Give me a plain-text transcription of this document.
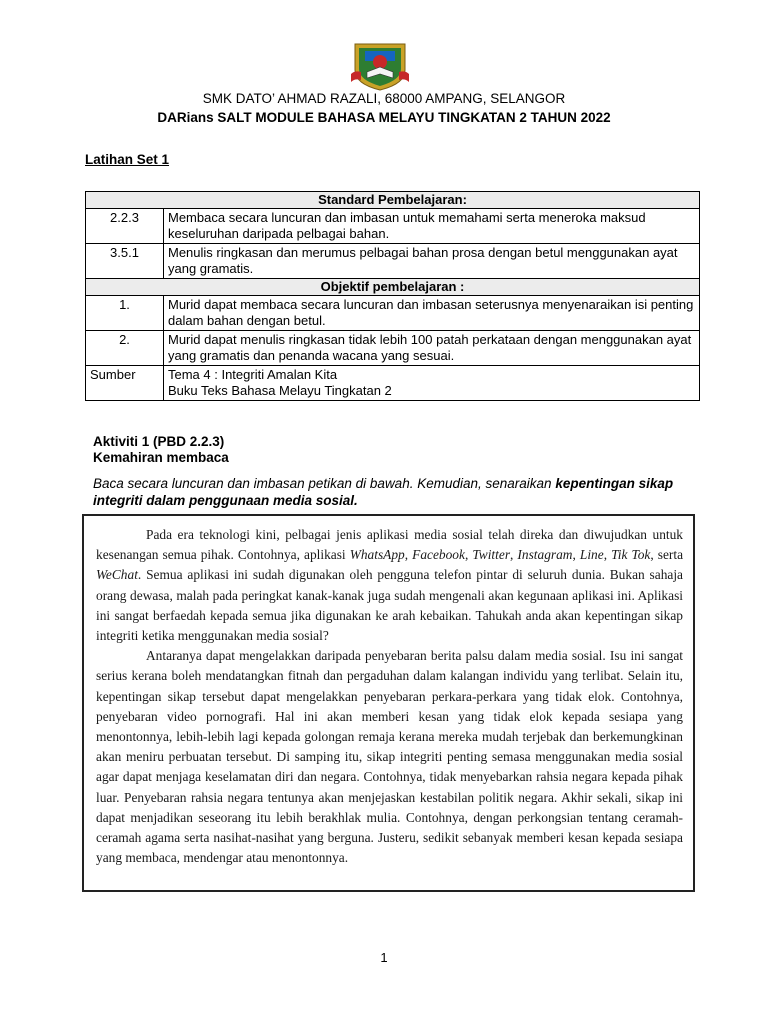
SMK DATO’ AHMAD RAZALI, 68000 AMPANG, SELANGOR
DARians SALT MODULE BAHASA MELAYU TINGKATAN 2 TAHUN 2022
Latihan Set 1
Standard Pembelajaran:	
2.2.3	Membaca secara luncuran dan imbasan untuk memahami serta meneroka maksud keseluruhan daripada pelbagai bahan.
3.5.1	Menulis ringkasan dan merumus pelbagai bahan prosa dengan betul menggunakan ayat yang gramatis.
Objektif pembelajaran :	
1.	Murid dapat membaca secara luncuran dan imbasan seterusnya menyenaraikan isi penting dalam bahan dengan betul.
2.	Murid dapat menulis ringkasan tidak lebih 100 patah perkataan dengan menggunakan ayat yang gramatis dan penanda wacana yang sesuai.
Sumber	Tema 4 : Integriti Amalan Kita
Buku Teks Bahasa Melayu Tingkatan 2
Aktiviti 1 (PBD 2.2.3)
Kemahiran membaca
Baca secara luncuran dan imbasan petikan di bawah. Kemudian, senaraikan kepentingan sikap integriti dalam penggunaan media sosial.

Pada era teknologi kini, pelbagai jenis aplikasi media sosial telah direka dan diwujudkan untuk kesenangan semua pihak. Contohnya, aplikasi WhatsApp, Facebook, Twitter, Instagram, Line, Tik Tok, serta WeChat. Semua aplikasi ini sudah digunakan oleh pengguna telefon pintar di seluruh dunia. Bukan sahaja orang dewasa, malah pada peringkat kanak-kanak juga sudah mengenali akan kegunaan aplikasi ini. Aplikasi ini sangat berfaedah kepada semua jika digunakan ke arah kebaikan. Tahukah anda akan kepentingan sikap integriti ketika menggunakan media sosial?

Antaranya dapat mengelakkan daripada penyebaran berita palsu dalam media sosial. Isu ini sangat serius kerana boleh mendatangkan fitnah dan pergaduhan dalam kalangan individu yang terlibat. Selain itu, kepentingan sikap tersebut dapat mengelakkan penyebaran perkara-perkara yang tidak elok. Contohnya, penyebaran video pornografi. Hal ini akan memberi kesan yang tidak elok kepada sesiapa yang menontonnya, lebih-lebih lagi kepada golongan remaja kerana mereka mudah terjebak dan berkemungkinan akan meniru perbuatan tersebut. Di samping itu, sikap integriti penting semasa menggunakan media sosial agar dapat menjaga keselamatan diri dan negara. Contohnya, tidak menyebarkan rahsia negara kepada pihak luar. Penyebaran rahsia negara tentunya akan menjejaskan kestabilan politik negara. Akhir sekali, sikap ini dapat menjadikan seseorang itu lebih berakhlak mulia. Contohnya, dengan perkongsian tentang ceramah-ceramah agama serta nasihat-nasihat yang berguna. Justeru, sedikit sebanyak memberi kesan kepada sesiapa yang membaca, mendengar atau menontonnya.

1
